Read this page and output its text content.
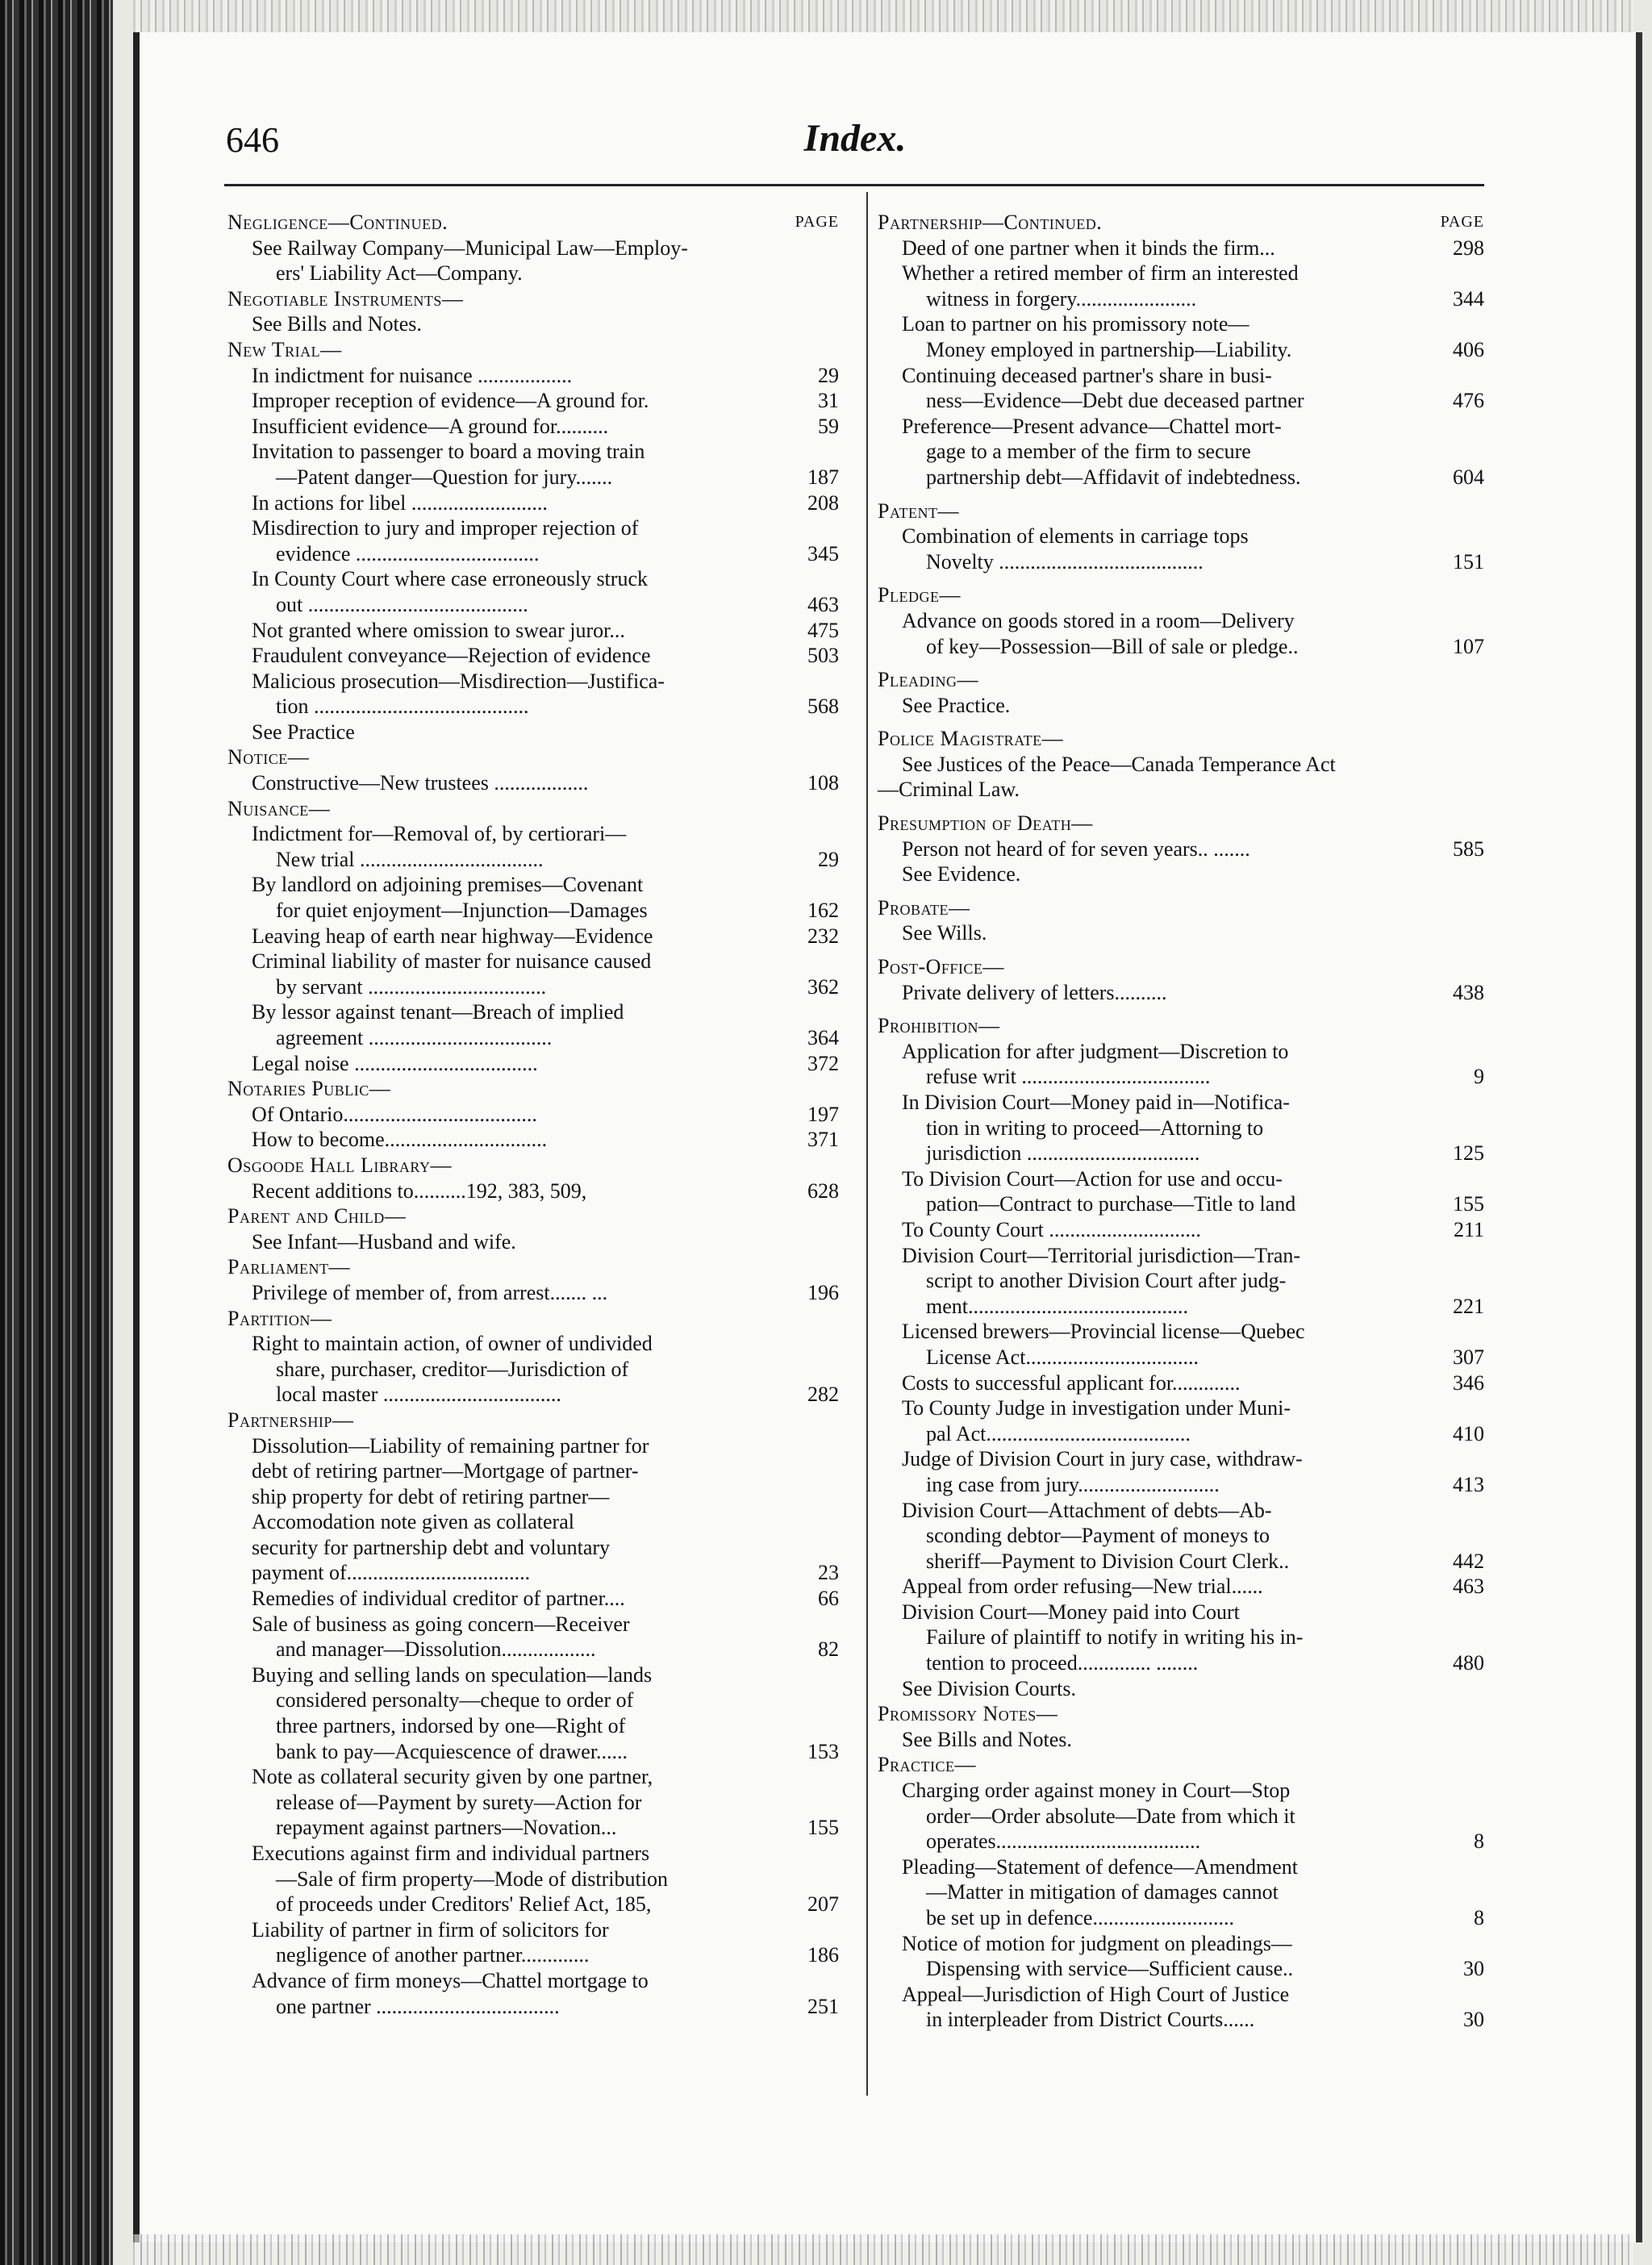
646	Index.
Negligence—Continued.	PAGE
See Railway Company—Municipal Law—Employ-
ers' Liability Act—Company.
Negotiable Instruments—
See Bills and Notes.
New Trial—
In indictment for nuisance ..................	29
Improper reception of evidence—A ground for.	31
Insufficient evidence—A ground for..........	59
Invitation to passenger to board a moving train
—Patent danger—Question for jury.......	187
In actions for libel ..........................	208
Misdirection to jury and improper rejection of
evidence ...................................	345
In County Court where case erroneously struck
out ..........................................	463
Not granted where omission to swear juror...	475
Fraudulent conveyance—Rejection of evidence	503
Malicious prosecution—Misdirection—Justifica-
tion .........................................	568
See Practice
Notice—
Constructive—New trustees ..................	108
Nuisance—
Indictment for—Removal of, by certiorari—
New trial ...................................	29
By landlord on adjoining premises—Covenant
for quiet enjoyment—Injunction—Damages	162
Leaving heap of earth near highway—Evidence	232
Criminal liability of master for nuisance caused
by servant ..................................	362
By lessor against tenant—Breach of implied
agreement ...................................	364
Legal noise ...................................	372
Notaries Public—
Of Ontario.....................................	197
How to become...............................	371
Osgoode Hall Library—
Recent additions to..........192, 383, 509,	628
Parent and Child—
See Infant—Husband and wife.
Parliament—
Privilege of member of, from arrest....... ...	196
Partition—
Right to maintain action, of owner of undivided
share, purchaser, creditor—Jurisdiction of
local master ..................................	282
Partnership—
Dissolution—Liability of remaining partner for
debt of retiring partner—Mortgage of partner-
ship property for debt of retiring partner—
Accomodation note given as collateral
security for partnership debt and voluntary
payment of...................................	23
Remedies of individual creditor of partner....	66
Sale of business as going concern—Receiver
and manager—Dissolution..................	82
Buying and selling lands on speculation—lands
considered personalty—cheque to order of
three partners, indorsed by one—Right of
bank to pay—Acquiescence of drawer......	153
Note as collateral security given by one partner,
release of—Payment by surety—Action for
repayment against partners—Novation...	155
Executions against firm and individual partners
—Sale of firm property—Mode of distribution
of proceeds under Creditors' Relief Act, 185,	207
Liability of partner in firm of solicitors for
negligence of another partner.............	186
Advance of firm moneys—Chattel mortgage to
one partner ...................................	251
Partnership—Continued.	PAGE
Deed of one partner when it binds the firm...	298
Whether a retired member of firm an interested
witness in forgery.......................	344
Loan to partner on his promissory note—
Money employed in partnership—Liability.	406
Continuing deceased partner's share in busi-
ness—Evidence—Debt due deceased partner	476
Preference—Present advance—Chattel mort-
gage to a member of the firm to secure
partnership debt—Affidavit of indebtedness.	604
Patent—
Combination of elements in carriage tops
Novelty .......................................	151
Pledge—
Advance on goods stored in a room—Delivery
of key—Possession—Bill of sale or pledge..	107
Pleading—
See Practice.
Police Magistrate—
See Justices of the Peace—Canada Temperance Act
—Criminal Law.
Presumption of Death—
Person not heard of for seven years.. .......	585
See Evidence.
Probate—
See Wills.
Post-Office—
Private delivery of letters..........	438
Prohibition—
Application for after judgment—Discretion to
refuse writ ....................................	9
In Division Court—Money paid in—Notifica-
tion in writing to proceed—Attorning to
jurisdiction .................................	125
To Division Court—Action for use and occu-
pation—Contract to purchase—Title to land	155
To County Court .............................	211
Division Court—Territorial jurisdiction—Tran-
script to another Division Court after judg-
ment..........................................	221
Licensed brewers—Provincial license—Quebec
License Act.................................	307
Costs to successful applicant for.............	346
To County Judge in investigation under Muni-
pal Act.......................................	410
Judge of Division Court in jury case, withdraw-
ing case from jury...........................	413
Division Court—Attachment of debts—Ab-
sconding debtor—Payment of moneys to
sheriff—Payment to Division Court Clerk..	442
Appeal from order refusing—New trial......	463
Division Court—Money paid into Court
Failure of plaintiff to notify in writing his in-
tention to proceed.............. ........	480
See Division Courts.
Promissory Notes—
See Bills and Notes.
Practice—
Charging order against money in Court—Stop
order—Order absolute—Date from which it
operates.......................................	8
Pleading—Statement of defence—Amendment
—Matter in mitigation of damages cannot
be set up in defence...........................	8
Notice of motion for judgment on pleadings—
Dispensing with service—Sufficient cause..	30
Appeal—Jurisdiction of High Court of Justice
in interpleader from District Courts......	30
